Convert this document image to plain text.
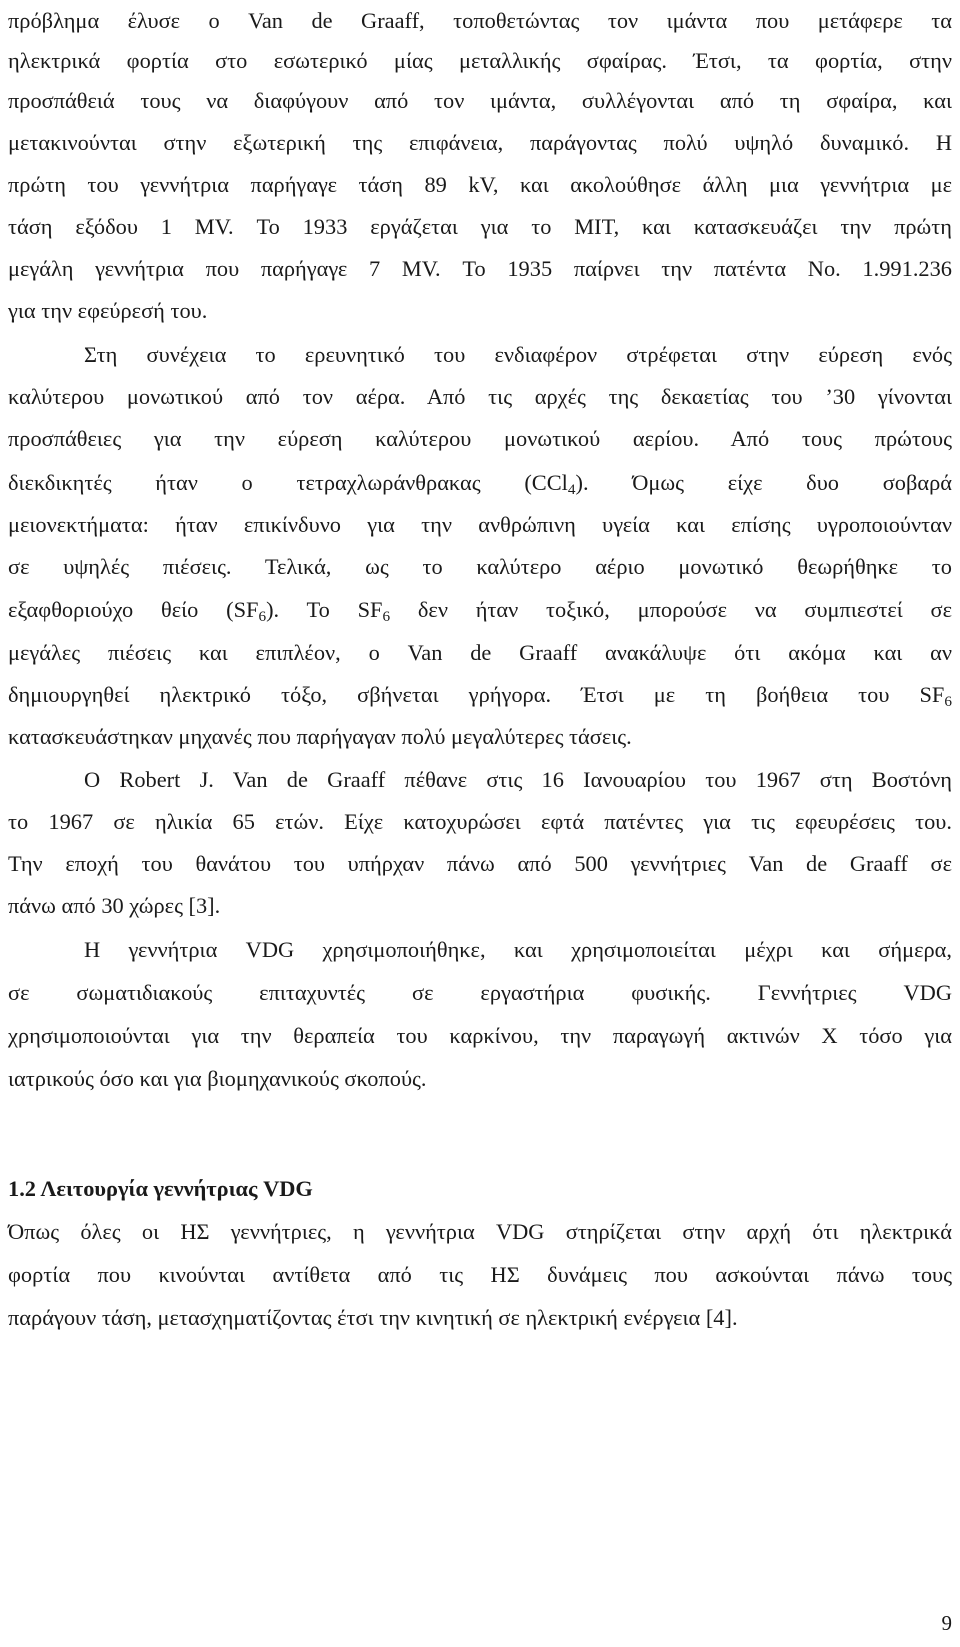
πρόβλημα έλυσε ο Van de Graaff, τοποθετώντας τον ιμάντα που μετάφερε τα
ηλεκτρικά φορτία στο εσωτερικό μίας μεταλλικής σφαίρας. Έτσι, τα φορτία, στην
προσπάθειά τους να διαφύγουν από τον ιμάντα, συλλέγονται από τη σφαίρα, και
μετακινούνται στην εξωτερική της επιφάνεια, παράγοντας πολύ υψηλό δυναμικό. Η
πρώτη του γεννήτρια παρήγαγε τάση 89 kV, και ακολούθησε άλλη μια γεννήτρια με
τάση εξόδου 1 MV. Το 1933 εργάζεται για το MIT, και κατασκευάζει την πρώτη
μεγάλη γεννήτρια που παρήγαγε 7 MV. Το 1935 παίρνει την πατέντα No. 1.991.236
για την εφεύρεσή του.
Στη συνέχεια το ερευνητικό του ενδιαφέρον στρέφεται στην εύρεση ενός
καλύτερου μονωτικού από τον αέρα. Από τις αρχές της δεκαετίας του ’30 γίνονται
προσπάθειες για την εύρεση καλύτερου μονωτικού αερίου. Από τους πρώτους
διεκδικητές ήταν ο τετραχλωράνθρακας (CCl$_4$). Όμως είχε δυο σοβαρά
μειονεκτήματα: ήταν επικίνδυνο για την ανθρώπινη υγεία και επίσης υγροποιούνταν
σε υψηλές πιέσεις. Τελικά, ως το καλύτερο αέριο μονωτικό θεωρήθηκε το
εξαφθοριούχο θείο $(SF_6)$. Το $SF_6$ δεν ήταν τοξικό, μπορούσε να συμπιεστεί σε
μεγάλες πιέσεις και επιπλέον, ο Van de Graaff ανακάλυψε ότι ακόμα και αν
δημιουργηθεί ηλεκτρικό τόξο, σβήνεται γρήγορα. Έτσι με τη βοήθεια του $SF_6$
κατασκευάστηκαν μηχανές που παρήγαγαν πολύ μεγαλύτερες τάσεις.
Ο Robert J. Van de Graaff πέθανε στις 16 Ιανουαρίου του 1967 στη Βοστόνη
το 1967 σε ηλικία 65 ετών. Είχε κατοχυρώσει εφτά πατέντες για τις εφευρέσεις του.
Την εποχή του θανάτου του υπήρχαν πάνω από 500 γεννήτριες Van de Graaff σε
πάνω από 30 χώρες [3].
Η γεννήτρια VDG χρησιμοποιήθηκε, και χρησιμοποιείται μέχρι και σήμερα,
σε σωματιδιακούς επιταχυντές σε εργαστήρια φυσικής. Γεννήτριες VDG
χρησιμοποιούνται για την θεραπεία του καρκίνου, την παραγωγή ακτινών X τόσο για
ιατρικούς όσο και για βιομηχανικούς σκοπούς.
1.2 Λειτουργία γεννήτριας VDG
Όπως όλες οι ΗΣ γεννήτριες, η γεννήτρια VDG στηρίζεται στην αρχή ότι ηλεκτρικά
φορτία που κινούνται αντίθετα από τις ΗΣ δυνάμεις που ασκούνται πάνω τους
παράγουν τάση, μετασχηματίζοντας έτσι την κινητική σε ηλεκτρική ενέργεια [4].
9
